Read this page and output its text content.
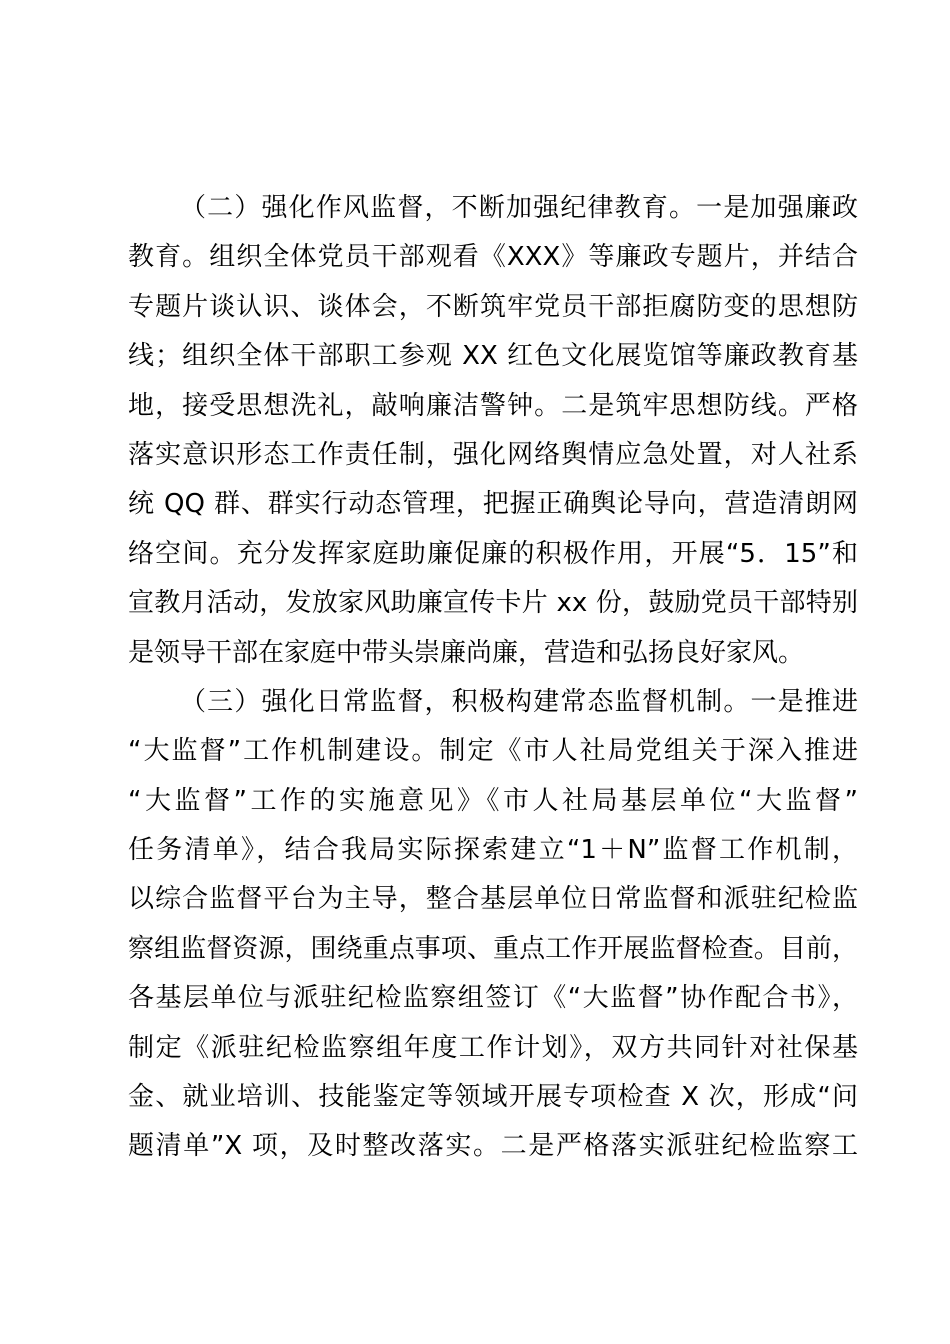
（二）强化作风监督，不断加强纪律教育。一是加强廉政
教育。组织全体党员干部观看《XXX》等廉政专题片，并结合
专题片谈认识、谈体会，不断筑牢党员干部拒腐防变的思想防
线；组织全体干部职工参观 XX 红色文化展览馆等廉政教育基
地，接受思想洗礼，敲响廉洁警钟。二是筑牢思想防线。严格
落实意识形态工作责任制，强化网络舆情应急处置，对人社系
统 QQ 群、群实行动态管理，把握正确舆论导向，营造清朗网
络空间。充分发挥家庭助廉促廉的积极作用，开展“5．15”和
宣教月活动，发放家风助廉宣传卡片 xx 份，鼓励党员干部特别
是领导干部在家庭中带头崇廉尚廉，营造和弘扬良好家风。
（三）强化日常监督，积极构建常态监督机制。一是推进
“大监督”工作机制建设。制定《市人社局党组关于深入推进
“大监督”工作的实施意见》《市人社局基层单位“大监督”
任务清单》，结合我局实际探索建立“1＋N”监督工作机制，
以综合监督平台为主导，整合基层单位日常监督和派驻纪检监
察组监督资源，围绕重点事项、重点工作开展监督检查。目前，
各基层单位与派驻纪检监察组签订《“大监督”协作配合书》，
制定《派驻纪检监察组年度工作计划》，双方共同针对社保基
金、就业培训、技能鉴定等领域开展专项检查 X 次，形成“问
题清单”X 项，及时整改落实。二是严格落实派驻纪检监察工
